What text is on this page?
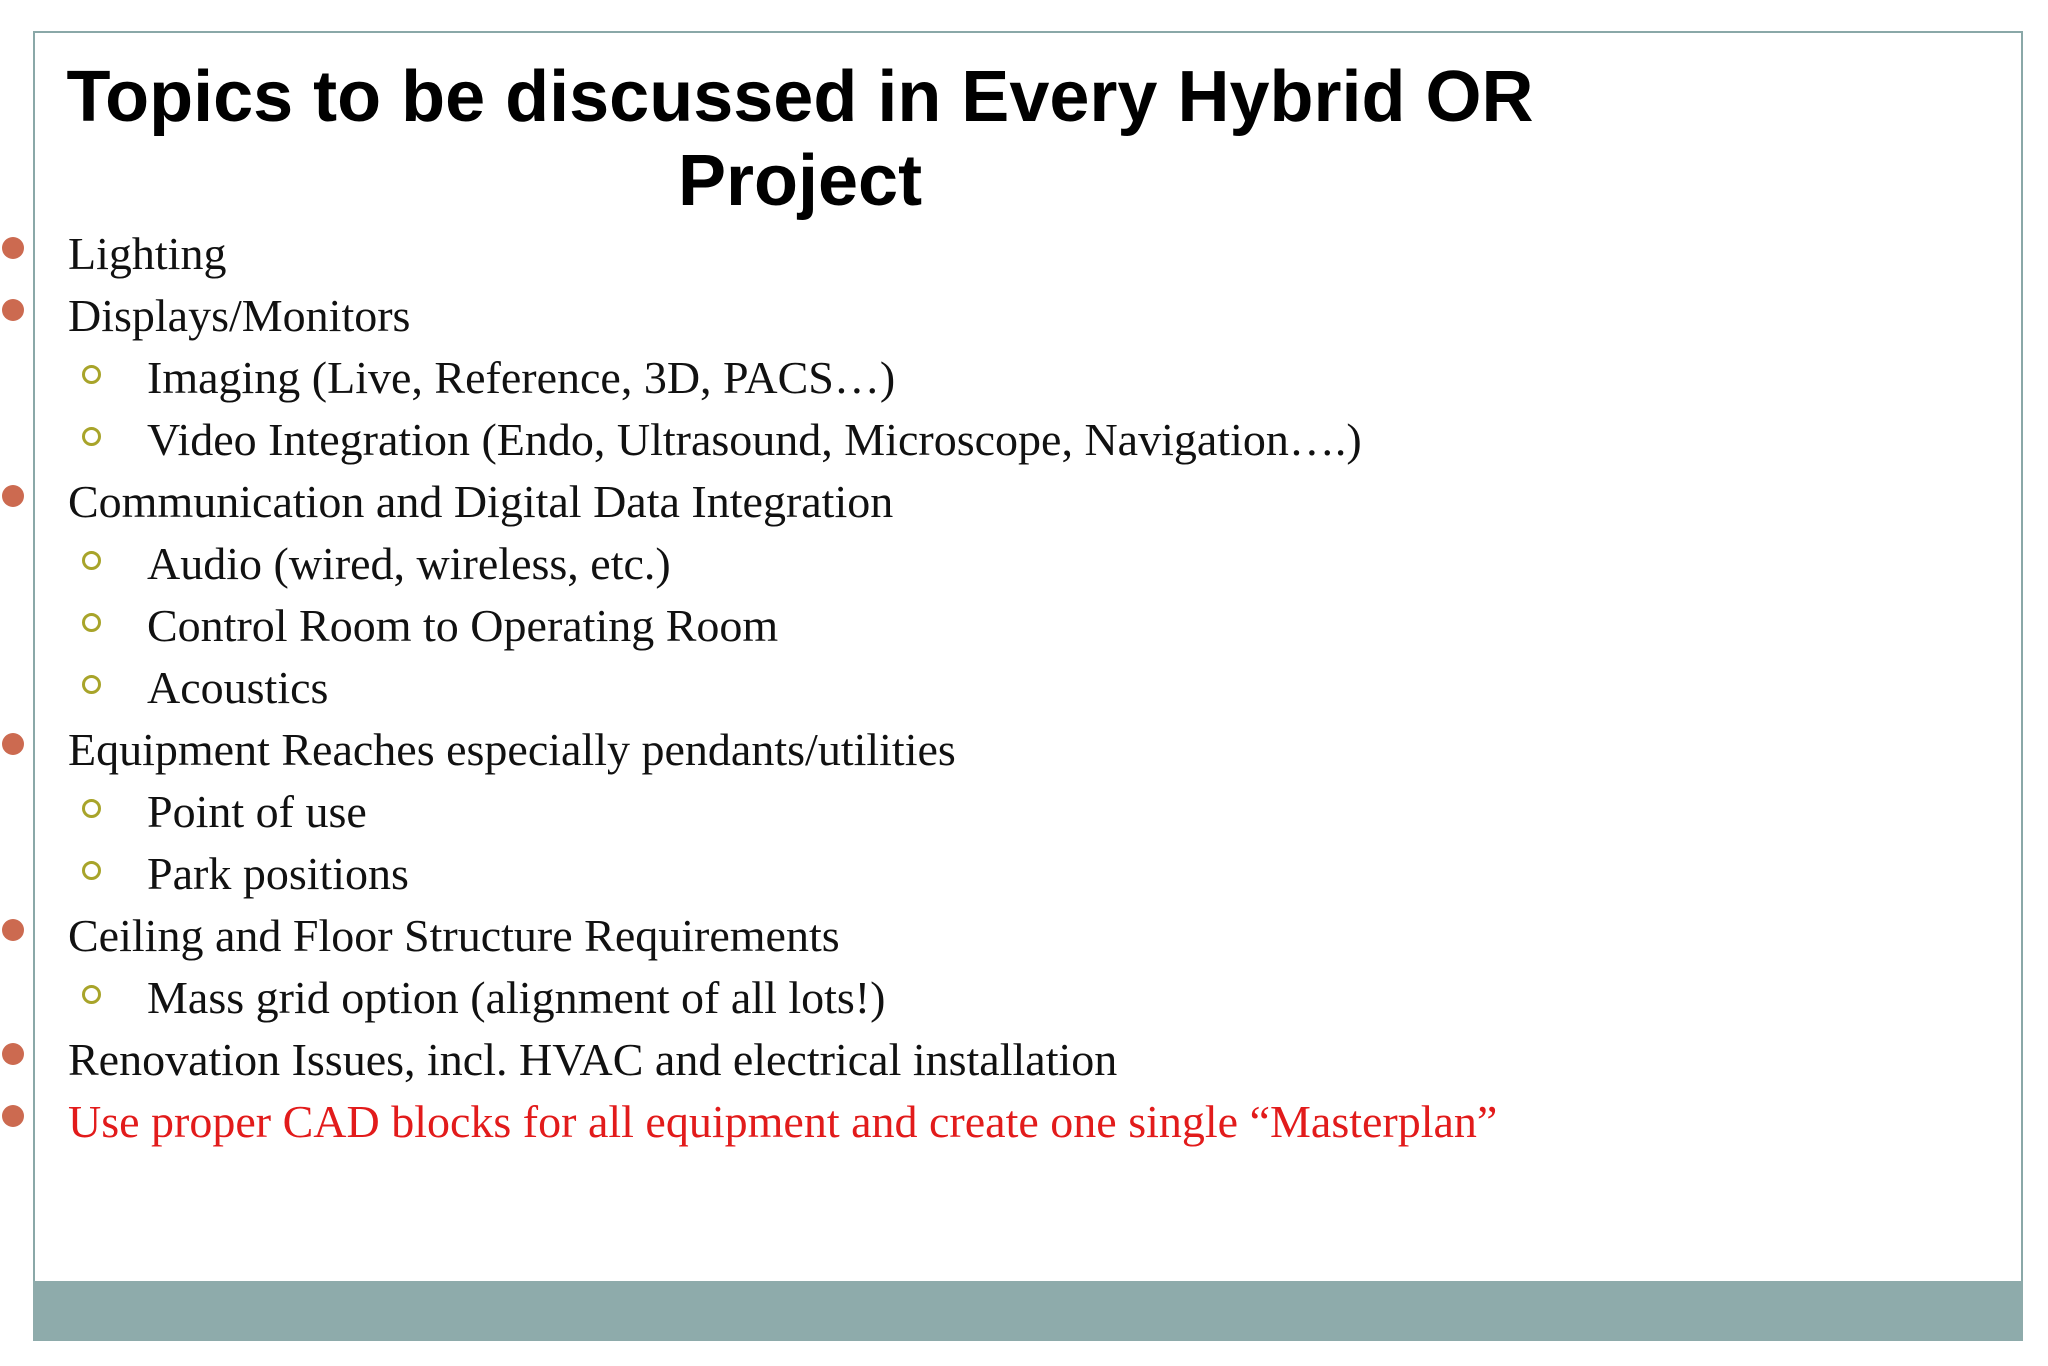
Topics to be discussed in Every Hybrid OR
Project
Lighting
Displays/Monitors
Imaging (Live, Reference, 3D, PACS…)
Video Integration (Endo, Ultrasound, Microscope, Navigation….)
Communication and Digital Data Integration
Audio (wired, wireless, etc.)
Control Room to Operating Room
Acoustics
Equipment Reaches especially pendants/utilities
Point of use
Park positions
Ceiling and Floor Structure Requirements
Mass grid option (alignment of all lots!)
Renovation Issues, incl. HVAC and electrical installation
Use proper CAD blocks for all equipment and create one single “Masterplan”
